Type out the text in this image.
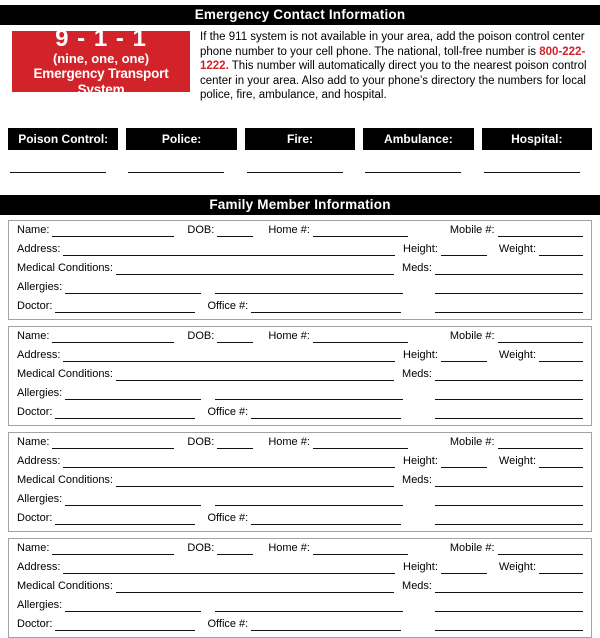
Emergency Contact Information
9 - 1 - 1
(nine, one, one)
Emergency Transport System

If the 911 system is not available in your area, add the poison control center phone number to your cell phone. The national, toll-free number is 800-222-1222. This number will automatically direct you to the nearest poison control center in your area. Also add to your phone’s directory the numbers for local police, fire, ambulance, and hospital.

Poison Control:	Police:	Fire:	Ambulance:	Hospital:

Family Member Information
Name:
	DOB:
	Home #:
	Mobile #:

Address:
	Height:
	Weight:

Medical Conditions:
	Meds:

Allergies:

Doctor:
	Office #:

Name:
	DOB:
	Home #:
	Mobile #:

Address:
	Height:
	Weight:

Medical Conditions:
	Meds:

Allergies:

Doctor:
	Office #:

Name:
	DOB:
	Home #:
	Mobile #:

Address:
	Height:
	Weight:

Medical Conditions:
	Meds:

Allergies:

Doctor:
	Office #:

Name:
	DOB:
	Home #:
	Mobile #:

Address:
	Height:
	Weight:

Medical Conditions:
	Meds:

Allergies:

Doctor:
	Office #:
